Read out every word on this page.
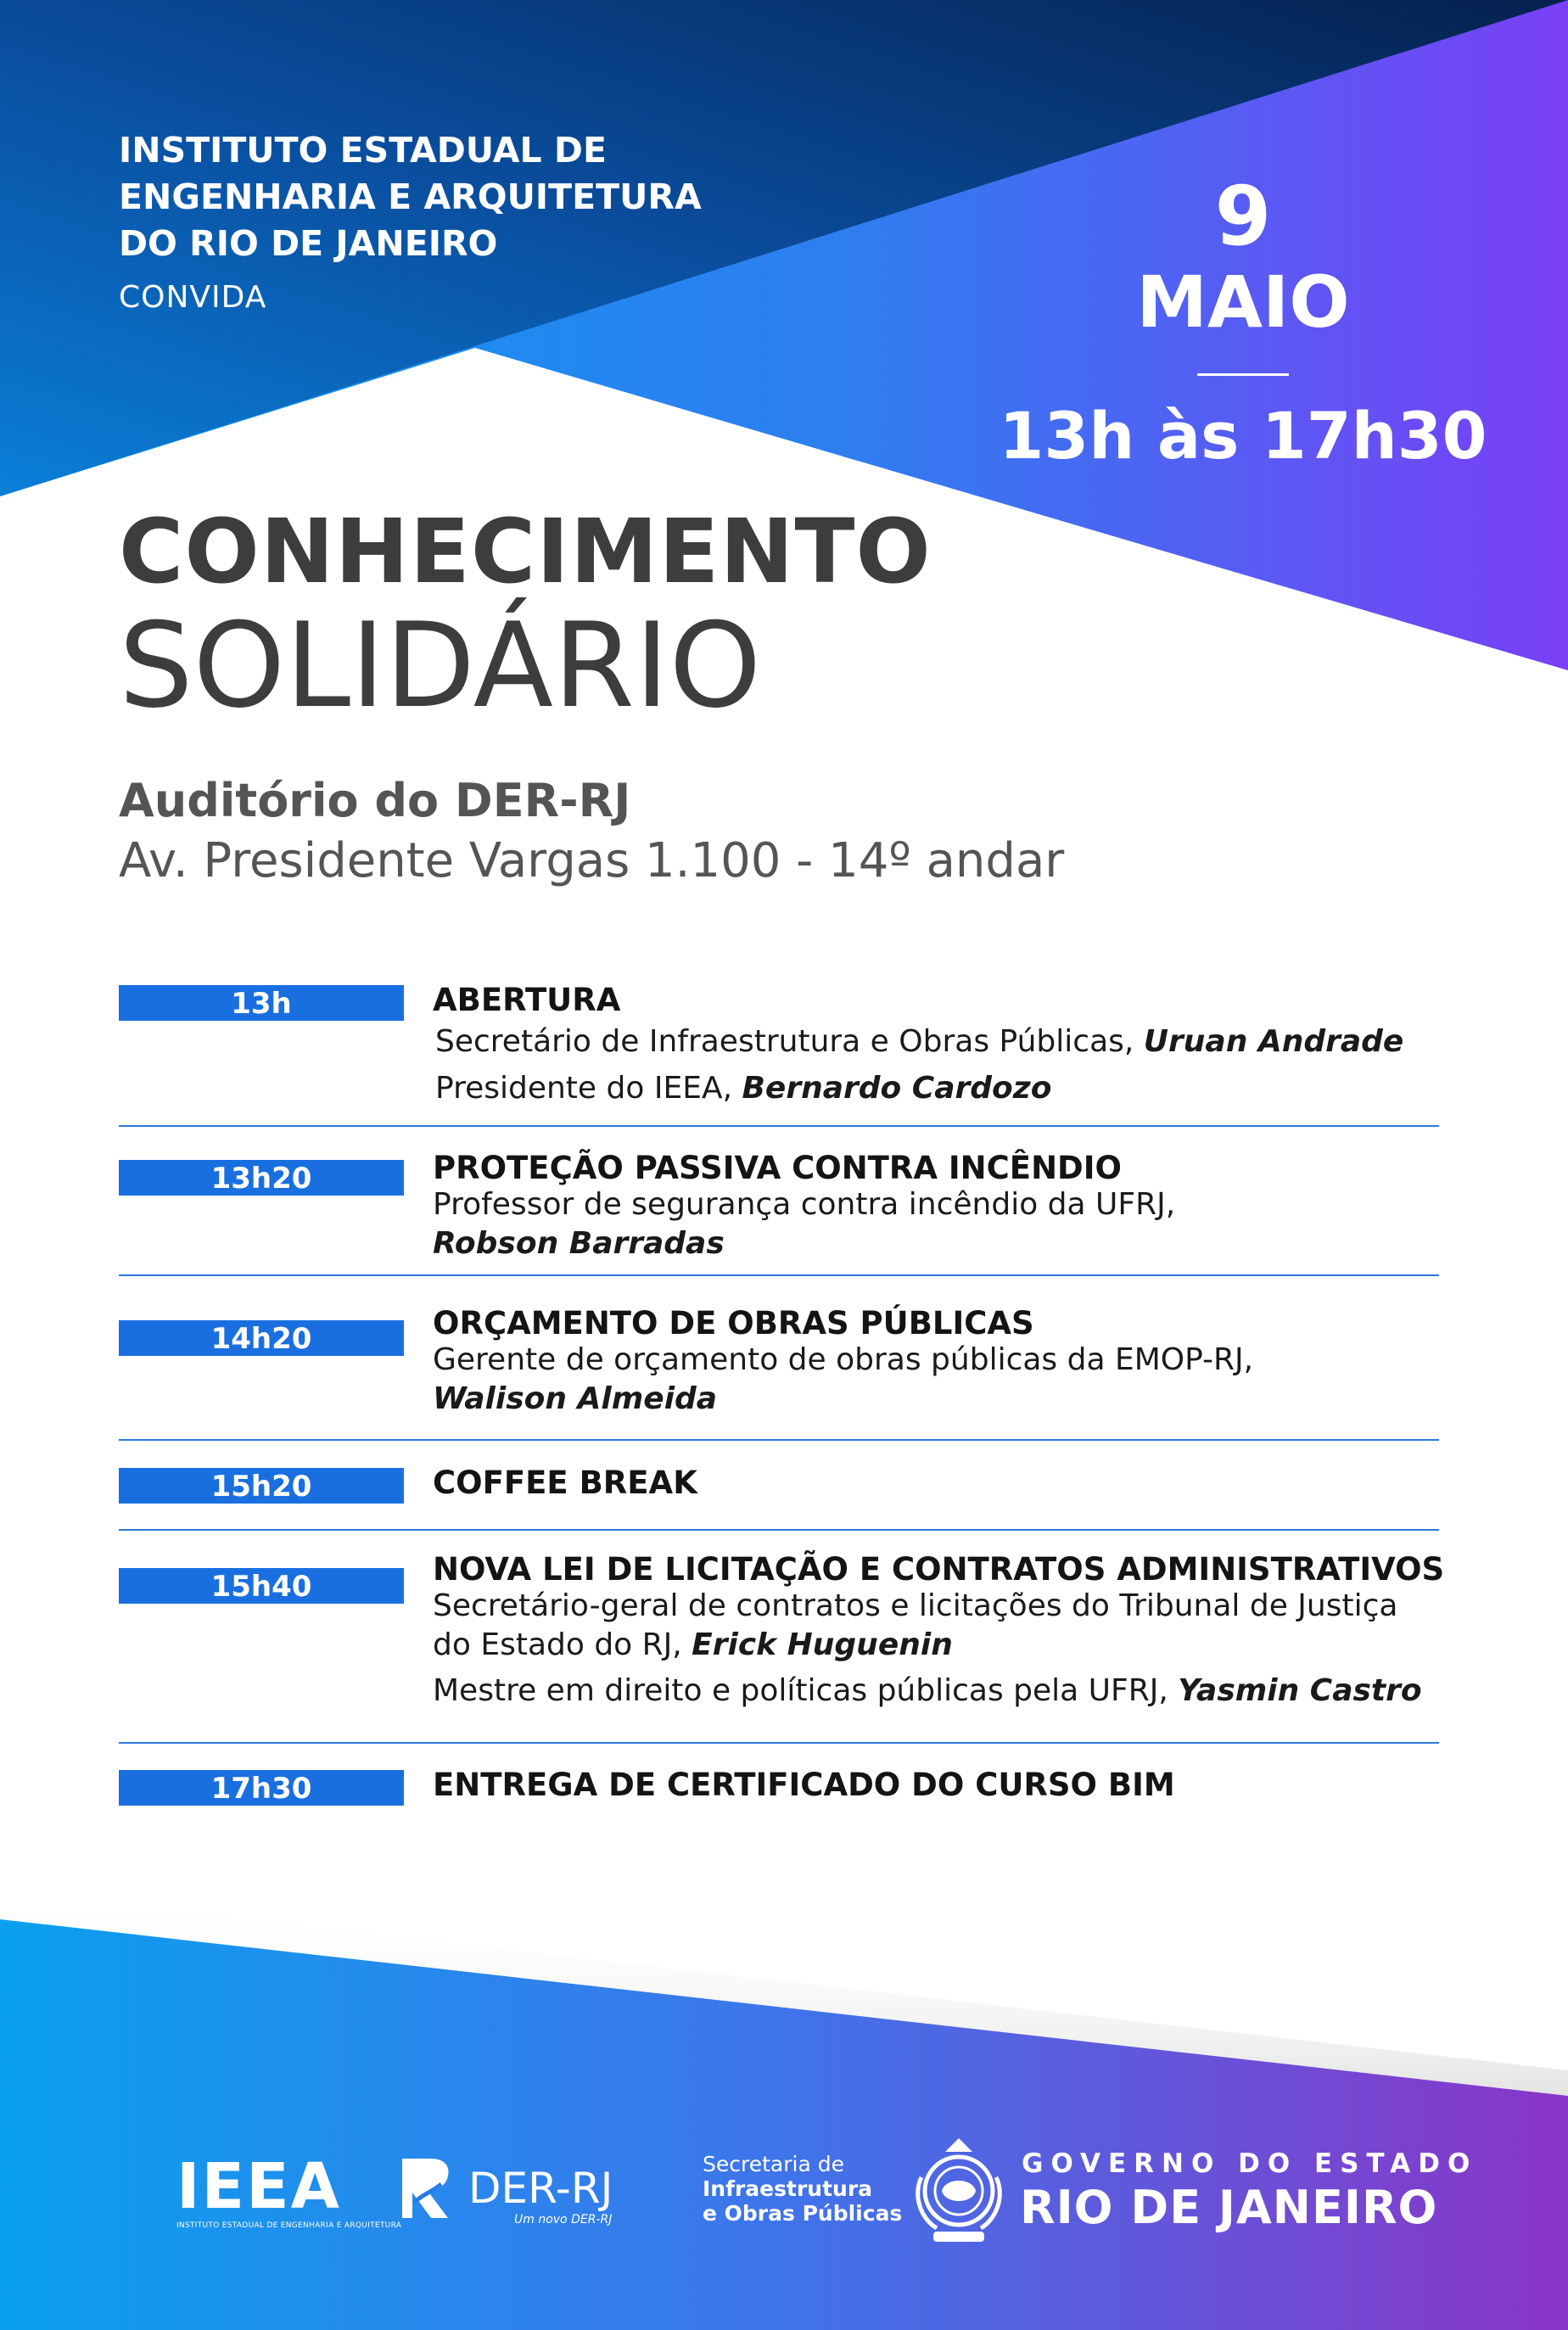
INSTITUTO ESTADUAL DE
ENGENHARIA E ARQUITETURA
DO RIO DE JANEIRO
CONVIDA
9
MAIO
13h às 17h30
CONHECIMENTO
SOLIDÁRIO
Auditório do DER-RJ
Av. Presidente Vargas 1.100 - 14º andar
13h	ABERTURA
Secretário de Infraestrutura e Obras Públicas, Uruan Andrade
Presidente do IEEA, Bernardo Cardozo
13h20	PROTEÇÃO PASSIVA CONTRA INCÊNDIO
Professor de segurança contra incêndio da UFRJ,
Robson Barradas
14h20	ORÇAMENTO DE OBRAS PÚBLICAS
Gerente de orçamento de obras públicas da EMOP-RJ,
Walison Almeida
15h20	COFFEE BREAK
15h40	NOVA LEI DE LICITAÇÃO E CONTRATOS ADMINISTRATIVOS
Secretário-geral de contratos e licitações do Tribunal de Justiça
do Estado do RJ, Erick Huguenin
Mestre em direito e políticas públicas pela UFRJ, Yasmin Castro
17h30	ENTREGA DE CERTIFICADO DO CURSO BIM
IEEA
INSTITUTO ESTADUAL DE ENGENHARIA E ARQUITETURA
DER-RJ
Um novo DER-RJ
Secretaria de
Infraestrutura
e Obras Públicas
GOVERNO DO ESTADO
RIO DE JANEIRO
